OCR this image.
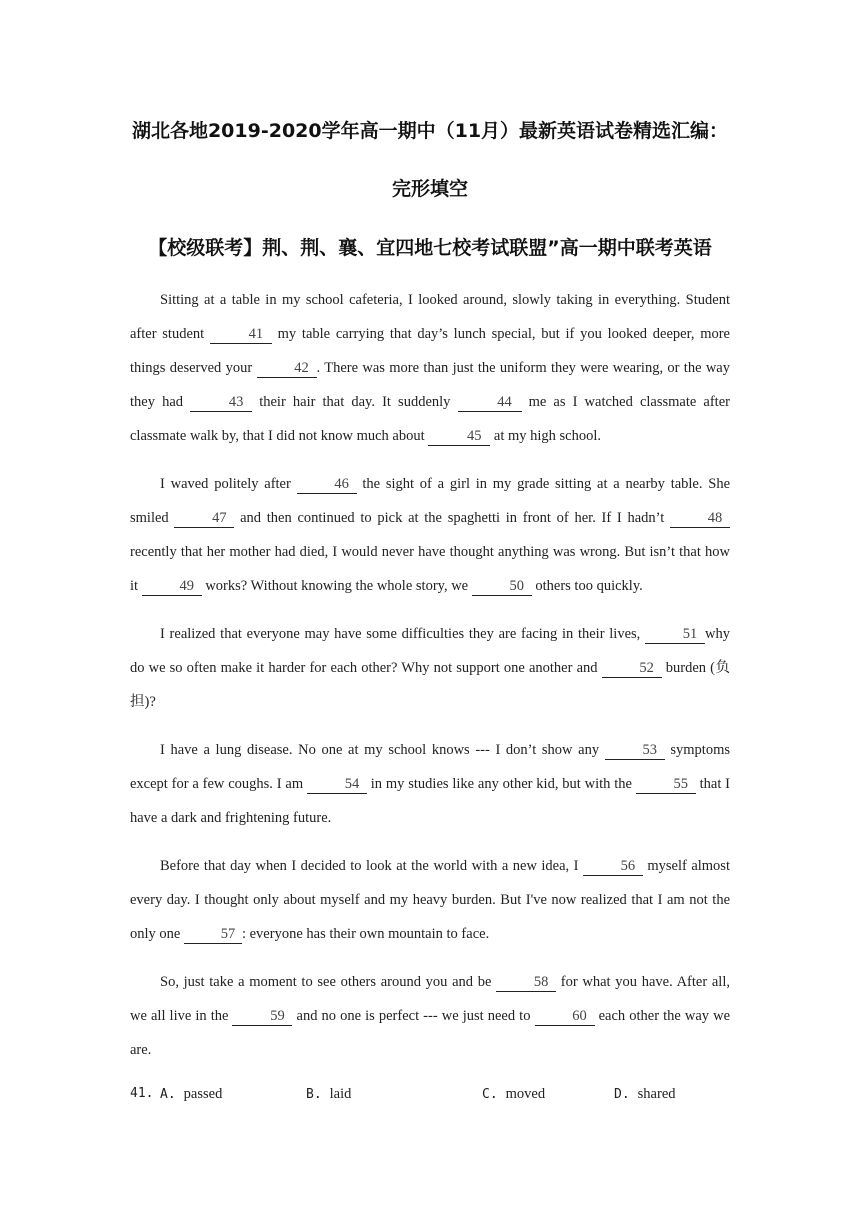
湖北各地2019-2020学年高一期中（11月）最新英语试卷精选汇编：
完形填空
【校级联考】荆、荆、襄、宜四地七校考试联盟”高一期中联考英语

Sitting at a table in my school cafeteria, I looked around, slowly taking in everything. Student after student	41 my table carrying that day’s lunch special, but if you looked deeper, more things deserved your	42 . There was more than just the uniform they were wearing, or the way they had	43 their hair that day. It suddenly	44 me as I watched classmate after classmate walk by, that I did not know much about	45 at my high school.

I waved politely after	46 the sight of a girl in my grade sitting at a nearby table. She smiled	47 and then continued to pick at the spaghetti in front of her. If I hadn’t	48 recently that her mother had died, I would never have thought anything was wrong. But isn’t that how it	49 works? Without knowing the whole story, we	50 others too quickly.

I realized that everyone may have some difficulties they are facing in their lives,	51 why do we so often make it harder for each other? Why not support one another and	52 burden (负担)?

I have a lung disease. No one at my school knows --- I don’t show any	53 symptoms except for a few coughs. I am	54 in my studies like any other kid, but with the	55 that I have a dark and frightening future.

Before that day when I decided to look at the world with a new idea, I	56 myself almost every day. I thought only about myself and my heavy burden. But I've now realized that I am not the only one	57 : everyone has their own mountain to face.

So, just take a moment to see others around you and be	58 for what you have. After all, we all live in the	59 and no one is perfect --- we just need to	60 each other the way we are.

41. A. passed	B. laid	C. moved	D. shared
